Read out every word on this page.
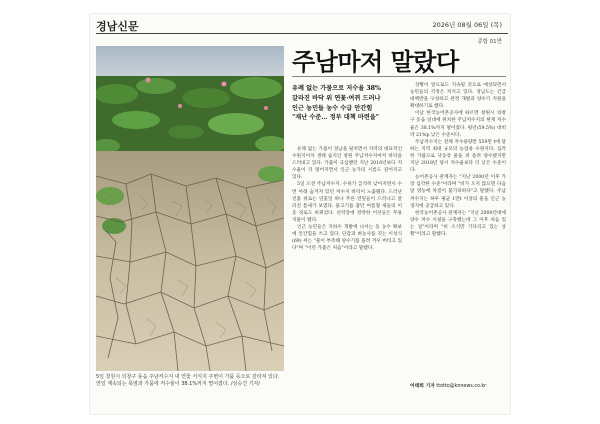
경남신문	2026년 08월 06일 (목)
종합 01면
5일 창원시 의창구 동읍 주남저수지 내 연꽃 서식지 주변이 가뭄 등으로 갈라져 있다. 연일 계속되는 폭염과 가뭄에 저수율이 38.1%까지 떨어졌다. /성승건 기자/
주남마저 말랐다

유례 없는 가뭄으로 저수율 38%

갈라진 바닥 위 연꽃·여뀌 드러나

인근 농민들 농수 수급 안간힘

"재난 수준… 정부 대책 마련을"

유례 없는 가뭄이 경남을 덮치면서 지역의 대표적인 수원지이자 생태 습지인 창원 주남저수지마저 바닥을 드러내고 있다. 가뭄이 극심했던 지난 2018년보다 저수율이 더 떨어지면서 인근 농가의 시름도 깊어지고 있다.

5일 오전 주남저수지. 수위가 급격히 낮아지면서 수면 아래 숨겨져 있던 저수지 바닥이 노출됐다. 드러난 진흙 위로는 연꽃잎 하나 푸른 연잎들이 드러나고 갈라진 틈새가 보였다. 물고기를 잡던 여름철 새들의 이동 경로도 바뀌었다. 선착장에 정박한 어선들은 무용지물이 됐다.

인근 농민들은 지하수 개발에 나서는 등 농수 확보에 안간힘을 쓰고 있다. 단감과 벼농사를 짓는 이성식(69) 씨는 "물이 부족해 양수기를 돌려 겨우 버티고 있다"며 "이런 가뭄은 처음"이라고 말했다.

상황이 앞으로도 지속될 것으로 예상되면서 농민들의 걱정은 커지고 있다. 경남도는 긴급 대책반을 구성하고 관정 개발과 양수기 지원을 확대하기로 했다.

이날 한국농어촌공사에 따르면 창원시 의창구 동읍 일대에 위치한 주남저수지의 현재 저수율은 38.1%까지 떨어졌다. 평년(59.5%) 대비 약 21%p 낮은 수준이다.

주남저수지는 전체 저수용량만 559만 t에 달하는 지역 최대 규모의 농업용 수원지다. 심각한 가뭄으로 낙동강 물을 퍼 올려 양수했지만 지난 2018년 당시 저수율보다 더 낮은 수준이다.

농어촌공사 관계자는 "지난 2000년 이후 가장 심각한 수준"이라며 "비가 오지 않으면 다음 달 영농에 차질이 불가피하다"고 말했다. 주남저수지는 하루 평균 1만t 이상의 물을 인근 농경지에 공급하고 있다.

한국농어촌공사 관계자는 "지난 2000년대에 양수 저수 시설을 구축했는데 그 이후 처음 있는 일"이라며 "비 소식만 기다리고 있는 상황"이라고 말했다.

어태희 기자 ttotto@knnews.co.kr
